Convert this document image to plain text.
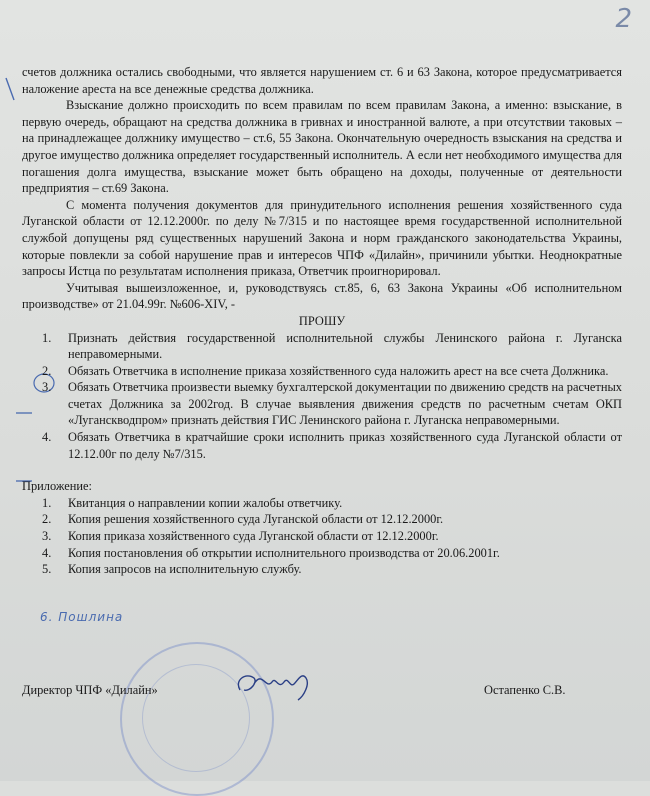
2

счетов должника остались свободными, что является нарушением ст. 6 и 63 Закона, которое предусматривается наложение ареста на все денежные средства должника.

Взыскание должно происходить по всем правилам по всем правилам Закона, а именно: взыскание, в первую очередь, обращают на средства должника в гривнах и иностранной валюте, а при отсутствии таковых – на принадлежащее должнику имущество – ст.6, 55 Закона. Окончательную очередность взыскания на средства и другое имущество должника определяет государственный исполнитель. А если нет необходимого имущества для погашения долга имущества, взыскание может быть обращено на доходы, полученные от деятельности предприятия – ст.69 Закона.

С момента получения документов для принудительного исполнения решения хозяйственного суда Луганской области от 12.12.2000г. по делу №7/315 и по настоящее время государственной исполнительной службой допущены ряд существенных нарушений Закона и норм гражданского законодательства Украины, которые повлекли за собой нарушение прав и интересов ЧПФ «Дилайн», причинили убытки. Неоднократные запросы Истца по результатам исполнения приказа, Ответчик проигнорировал.

Учитывая вышеизложенное, и, руководствуясь ст.85, 6, 63 Закона Украины «Об исполнительном производстве» от 21.04.99г. №606-XIV, -

ПРОШУ

1. Признать действия государственной исполнительной службы Ленинского района г. Луганска неправомерными.
2. Обязать Ответчика в исполнение приказа хозяйственного суда наложить арест на все счета Должника.
3. Обязать Ответчика произвести выемку бухгалтерской документации по движению средств на расчетных счетах Должника за 2002год. В случае выявления движения средств по расчетным счетам ОКП «Луганскводпром» признать действия ГИС Ленинского района г. Луганска неправомерными.
4. Обязать Ответчика в кратчайшие сроки исполнить приказ хозяйственного суда Луганской области от 12.12.00г по делу №7/315.

Приложение:

1. Квитанция о направлении копии жалобы ответчику.
2. Копия решения хозяйственного суда Луганской области от 12.12.2000г.
3. Копия приказа хозяйственного суда Луганской области от 12.12.2000г.
4. Копия постановления об открытии исполнительного производства от 20.06.2001г.
5. Копия запросов на исполнительную службу.
6. Пошлина
Директор ЧПФ «Дилайн»	Остапенко С.В.
